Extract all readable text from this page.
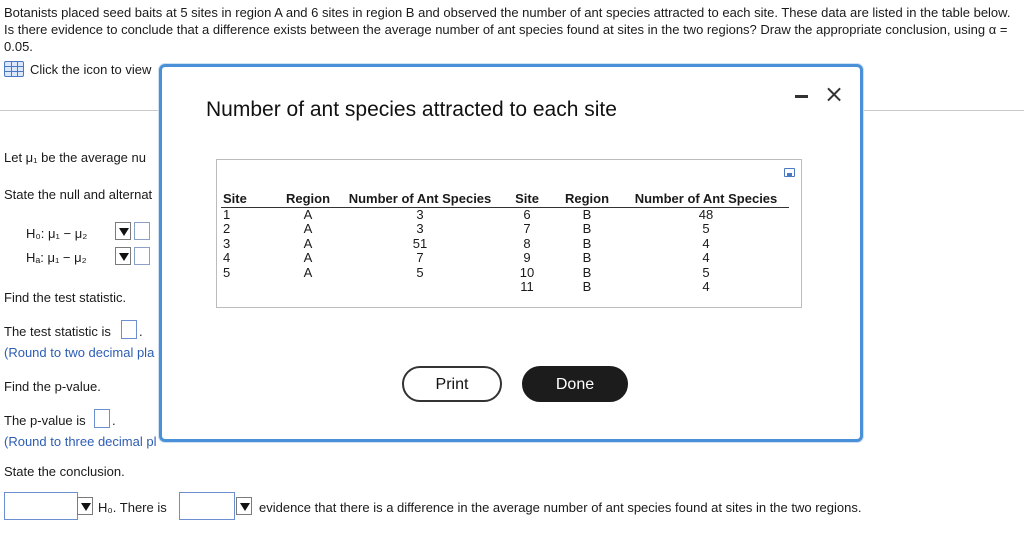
Botanists placed seed baits at 5 sites in region A and 6 sites in region B and observed the number of ant species attracted to each site. These data are listed in the table below. Is there evidence to conclude that a difference exists between the average number of ant species found at sites in the two regions? Draw the appropriate conclusion, using α = 0.05.
Click the icon to view
Let μ₁ be the average nu
State the null and alternat
H₀: μ₁ − μ₂
Hₐ: μ₁ − μ₂
Find the test statistic.
The test statistic is .
(Round to two decimal pla
Find the p-value.
The p-value is .
(Round to three decimal pl
State the conclusion.
H₀. There is	evidence that there is a difference in the average number of ant species found at sites in the two regions.
Number of ant species attracted to each site
×
Site	Region	Number of Ant Species	Site	Region	Number of Ant Species
1	A	3	6	B	48
2	A	3	7	B	5
3	A	51	8	B	4
4	A	7	9	B	4
5	A	5	10	B	5
			11	B	4
Print	Done
